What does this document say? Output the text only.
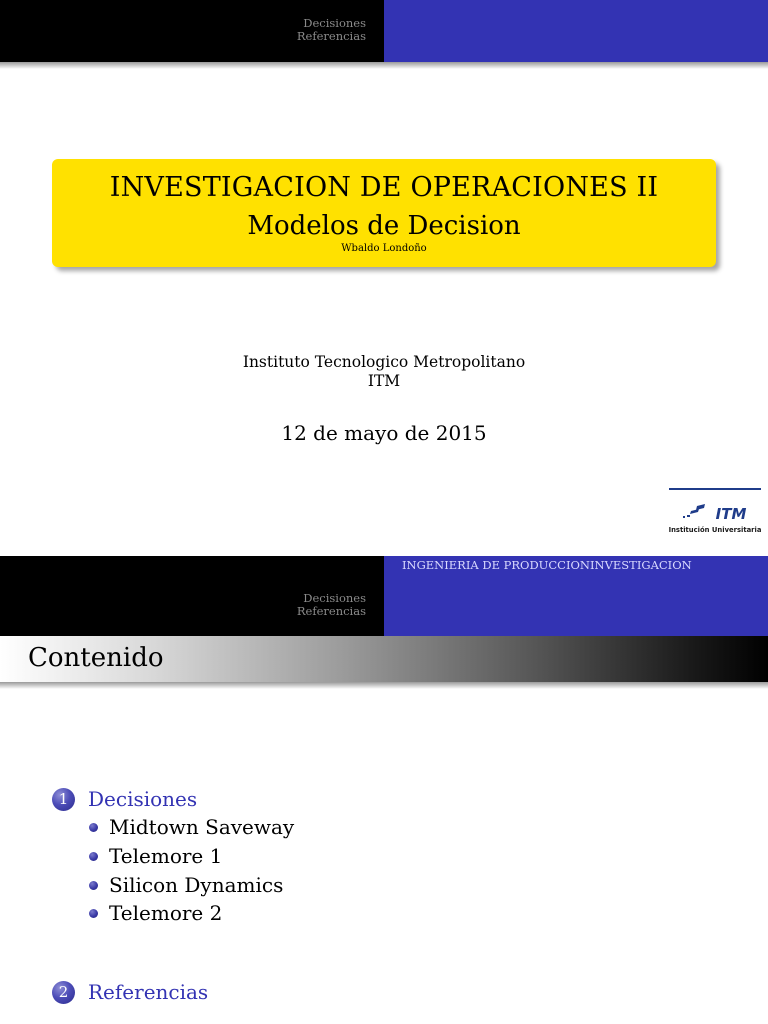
Decisiones
Referencias
INVESTIGACION DE OPERACIONES II
Modelos de Decision
Wbaldo Londoño
Instituto Tecnologico Metropolitano
ITM
12 de mayo de 2015
ITM
Institución Universitaria
INGENIERIA DE PRODUCCIONINVESTIGACION
Decisiones
Referencias
Contenido
1 Decisiones
Midtown Saveway
Telemore 1
Silicon Dynamics
Telemore 2
2 Referencias
